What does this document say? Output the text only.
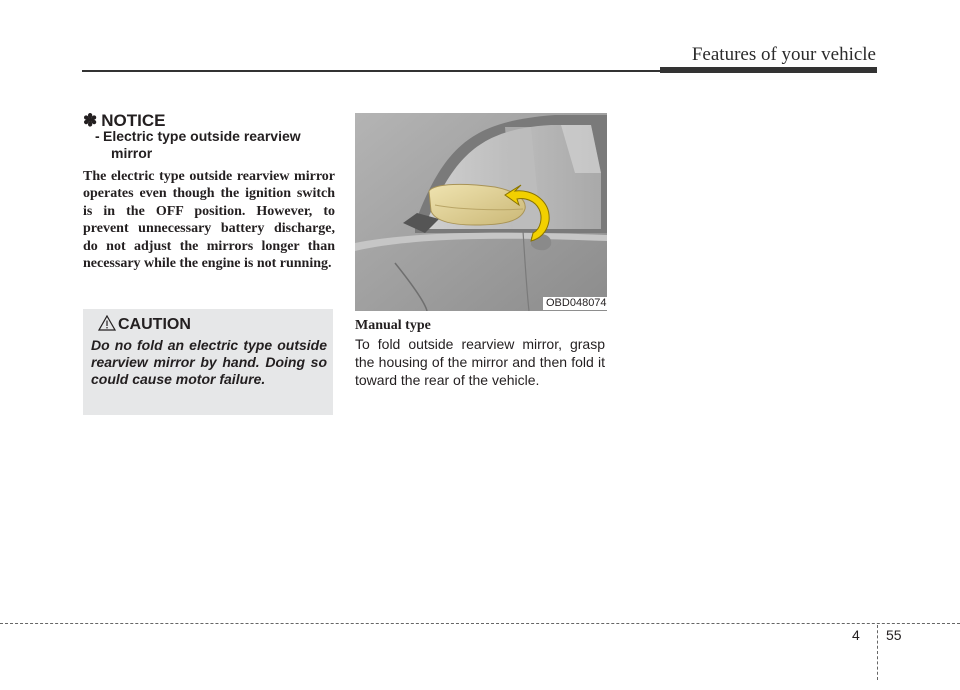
Features of your vehicle
✽ NOTICE
- Electric type outside rearview
mirror
The electric type outside rearview mirror operates even though the ignition switch is in the OFF position. However, to prevent unnecessary battery discharge, do not adjust the mirrors longer than necessary while the engine is not running.
CAUTION
Do no fold an electric type outside rearview mirror by hand. Doing so could cause motor failure.
OBD048074
Manual type
To fold outside rearview mirror, grasp the housing of the mirror and then fold it toward the rear of the vehicle.
4 55
